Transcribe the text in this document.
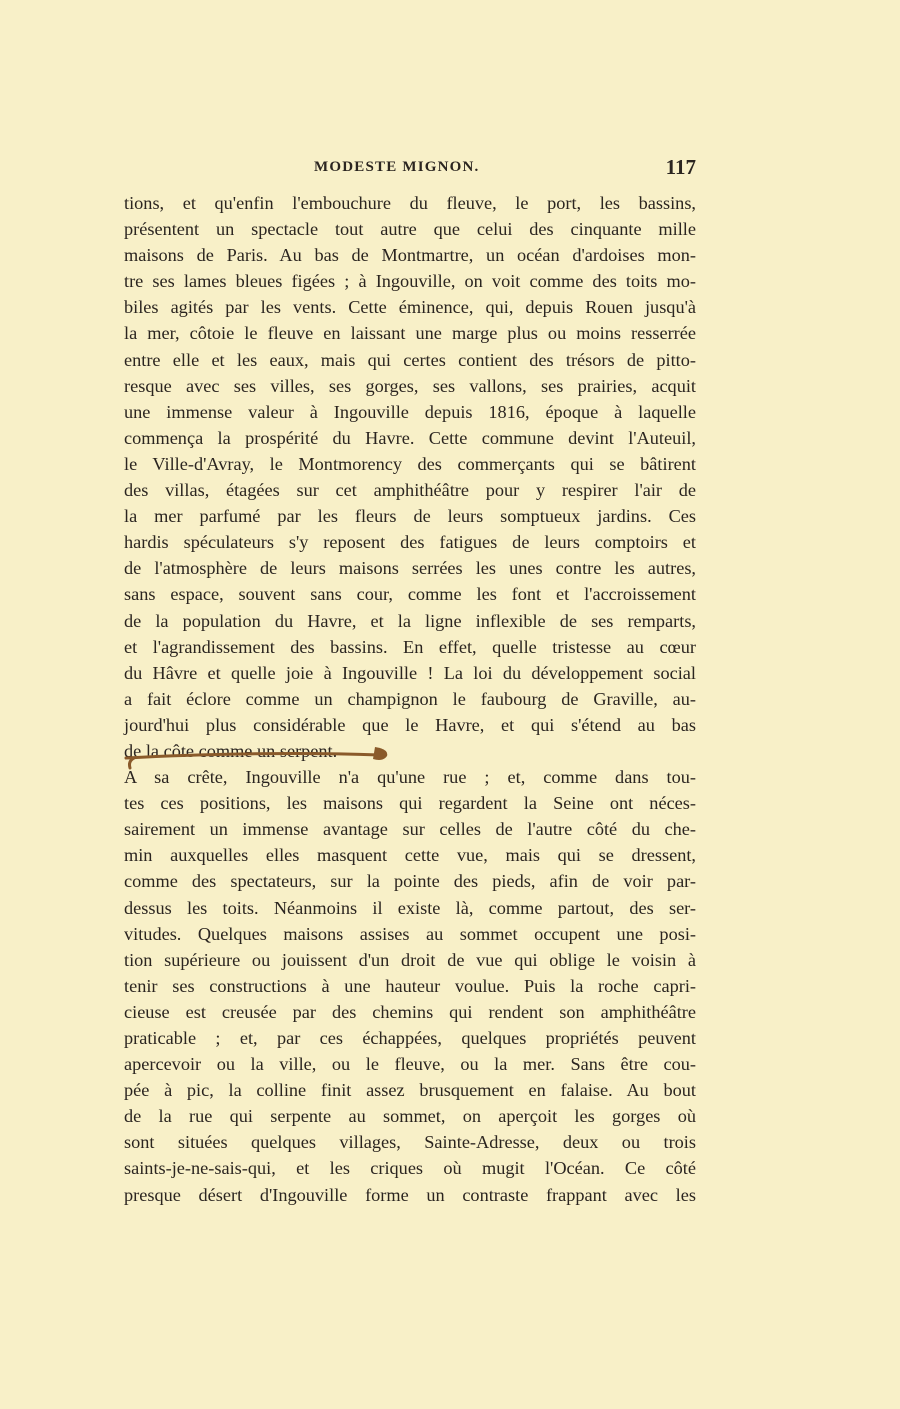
MODESTE MIGNON.	117
tions, et qu'enfin l'embouchure du fleuve, le port, les bassins,
présentent un spectacle tout autre que celui des cinquante mille
maisons de Paris. Au bas de Montmartre, un océan d'ardoises mon-
tre ses lames bleues figées ; à Ingouville, on voit comme des toits mo-
biles agités par les vents. Cette éminence, qui, depuis Rouen jusqu'à
la mer, côtoie le fleuve en laissant une marge plus ou moins resserrée
entre elle et les eaux, mais qui certes contient des trésors de pitto-
resque avec ses villes, ses gorges, ses vallons, ses prairies, acquit
une immense valeur à Ingouville depuis 1816, époque à laquelle
commença la prospérité du Havre. Cette commune devint l'Auteuil,
le Ville-d'Avray, le Montmorency des commerçants qui se bâtirent
des villas, étagées sur cet amphithéâtre pour y respirer l'air de
la mer parfumé par les fleurs de leurs somptueux jardins. Ces
hardis spéculateurs s'y reposent des fatigues de leurs comptoirs et
de l'atmosphère de leurs maisons serrées les unes contre les autres,
sans espace, souvent sans cour, comme les font et l'accroissement
de la population du Havre, et la ligne inflexible de ses remparts,
et l'agrandissement des bassins. En effet, quelle tristesse au cœur
du Hâvre et quelle joie à Ingouville ! La loi du développement social
a fait éclore comme un champignon le faubourg de Graville, au-
jourd'hui plus considérable que le Havre, et qui s'étend au bas
de la côte comme un serpent.
A sa crête, Ingouville n'a qu'une rue ; et, comme dans tou-
tes ces positions, les maisons qui regardent la Seine ont néces-
sairement un immense avantage sur celles de l'autre côté du che-
min auxquelles elles masquent cette vue, mais qui se dressent,
comme des spectateurs, sur la pointe des pieds, afin de voir par-
dessus les toits. Néanmoins il existe là, comme partout, des ser-
vitudes. Quelques maisons assises au sommet occupent une posi-
tion supérieure ou jouissent d'un droit de vue qui oblige le voisin à
tenir ses constructions à une hauteur voulue. Puis la roche capri-
cieuse est creusée par des chemins qui rendent son amphithéâtre
praticable ; et, par ces échappées, quelques propriétés peuvent
apercevoir ou la ville, ou le fleuve, ou la mer. Sans être cou-
pée à pic, la colline finit assez brusquement en falaise. Au bout
de la rue qui serpente au sommet, on aperçoit les gorges où
sont situées quelques villages, Sainte-Adresse, deux ou trois
saints-je-ne-sais-qui, et les criques où mugit l'Océan. Ce côté
presque désert d'Ingouville forme un contraste frappant avec les
